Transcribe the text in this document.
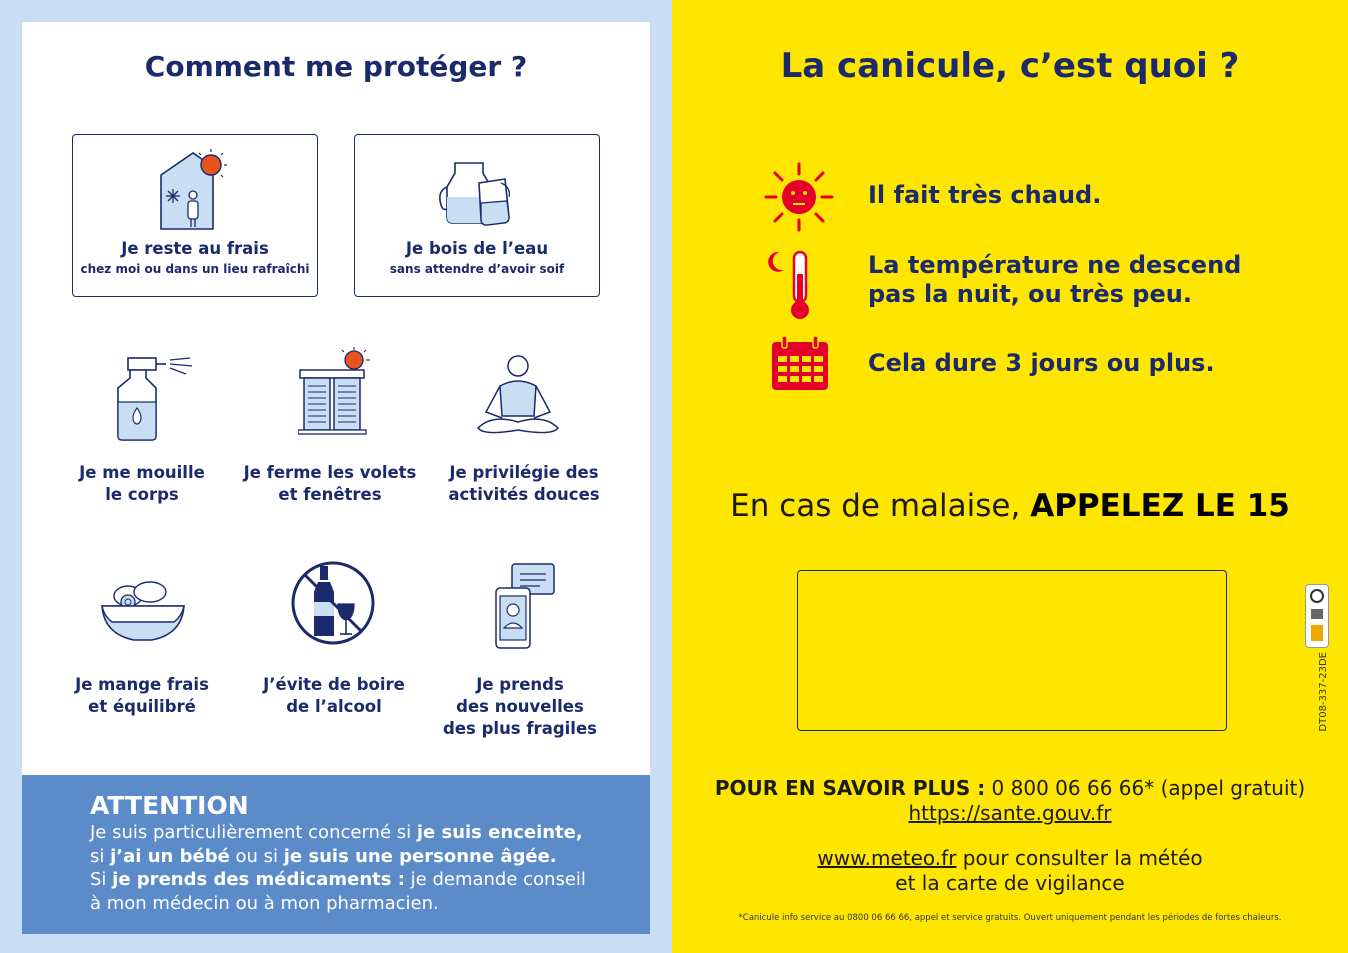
Comment me protéger ?
Je reste au frais
chez moi ou dans un lieu rafraîchi
Je bois de l’eau
sans attendre d’avoir soif
Je me mouille
le corps
Je ferme les volets
et fenêtres
Je privilégie des
activités douces
Je mange frais
et équilibré
J’évite de boire
de l’alcool
Je prends
des nouvelles
des plus fragiles
ATTENTION
Je suis particulièrement concerné si je suis enceinte,
si j’ai un bébé ou si je suis une personne âgée.
Si je prends des médicaments : je demande conseil
à mon médecin ou à mon pharmacien.
La canicule, c’est quoi ?
Il fait très chaud.
La température ne descend
pas la nuit, ou très peu.
Cela dure 3 jours ou plus.
En cas de malaise, APPELEZ LE 15
DT08-337-23DE
POUR EN SAVOIR PLUS : 0 800 06 66 66* (appel gratuit)
https://sante.gouv.fr
www.meteo.fr pour consulter la météo
et la carte de vigilance
*Canicule info service au 0800 06 66 66, appel et service gratuits. Ouvert uniquement pendant les périodes de fortes chaleurs.
